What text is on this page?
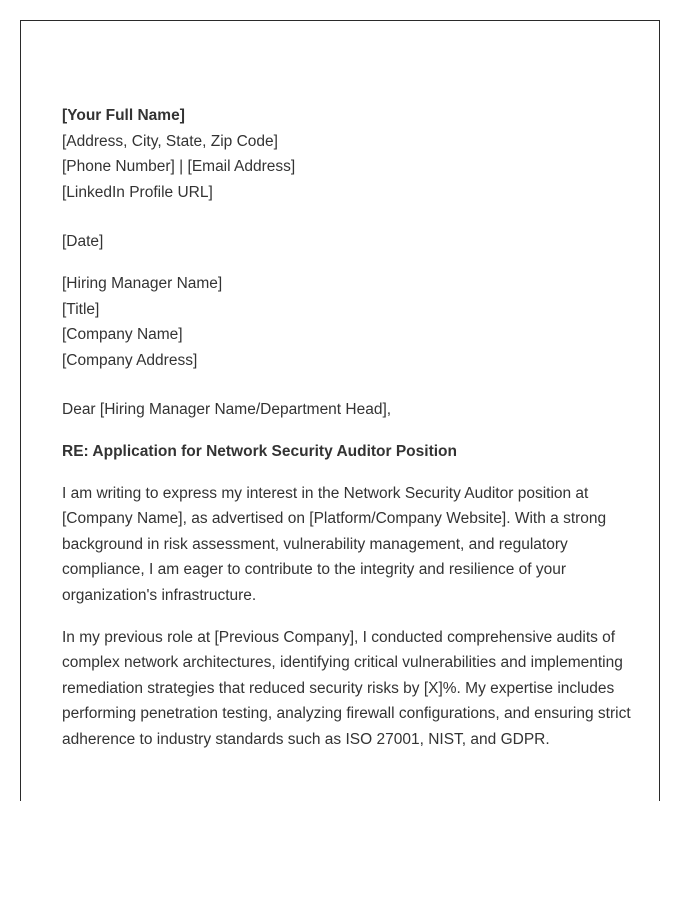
[Your Full Name]
[Address, City, State, Zip Code]
[Phone Number] | [Email Address]
[LinkedIn Profile URL]
[Date]
[Hiring Manager Name]
[Title]
[Company Name]
[Company Address]
Dear [Hiring Manager Name/Department Head],
RE: Application for Network Security Auditor Position

I am writing to express my interest in the Network Security Auditor position at [Company Name], as advertised on [Platform/Company Website]. With a strong background in risk assessment, vulnerability management, and regulatory compliance, I am eager to contribute to the integrity and resilience of your organization's infrastructure.

In my previous role at [Previous Company], I conducted comprehensive audits of complex network architectures, identifying critical vulnerabilities and implementing remediation strategies that reduced security risks by [X]%. My expertise includes performing penetration testing, analyzing firewall configurations, and ensuring strict adherence to industry standards such as ISO 27001, NIST, and GDPR.
